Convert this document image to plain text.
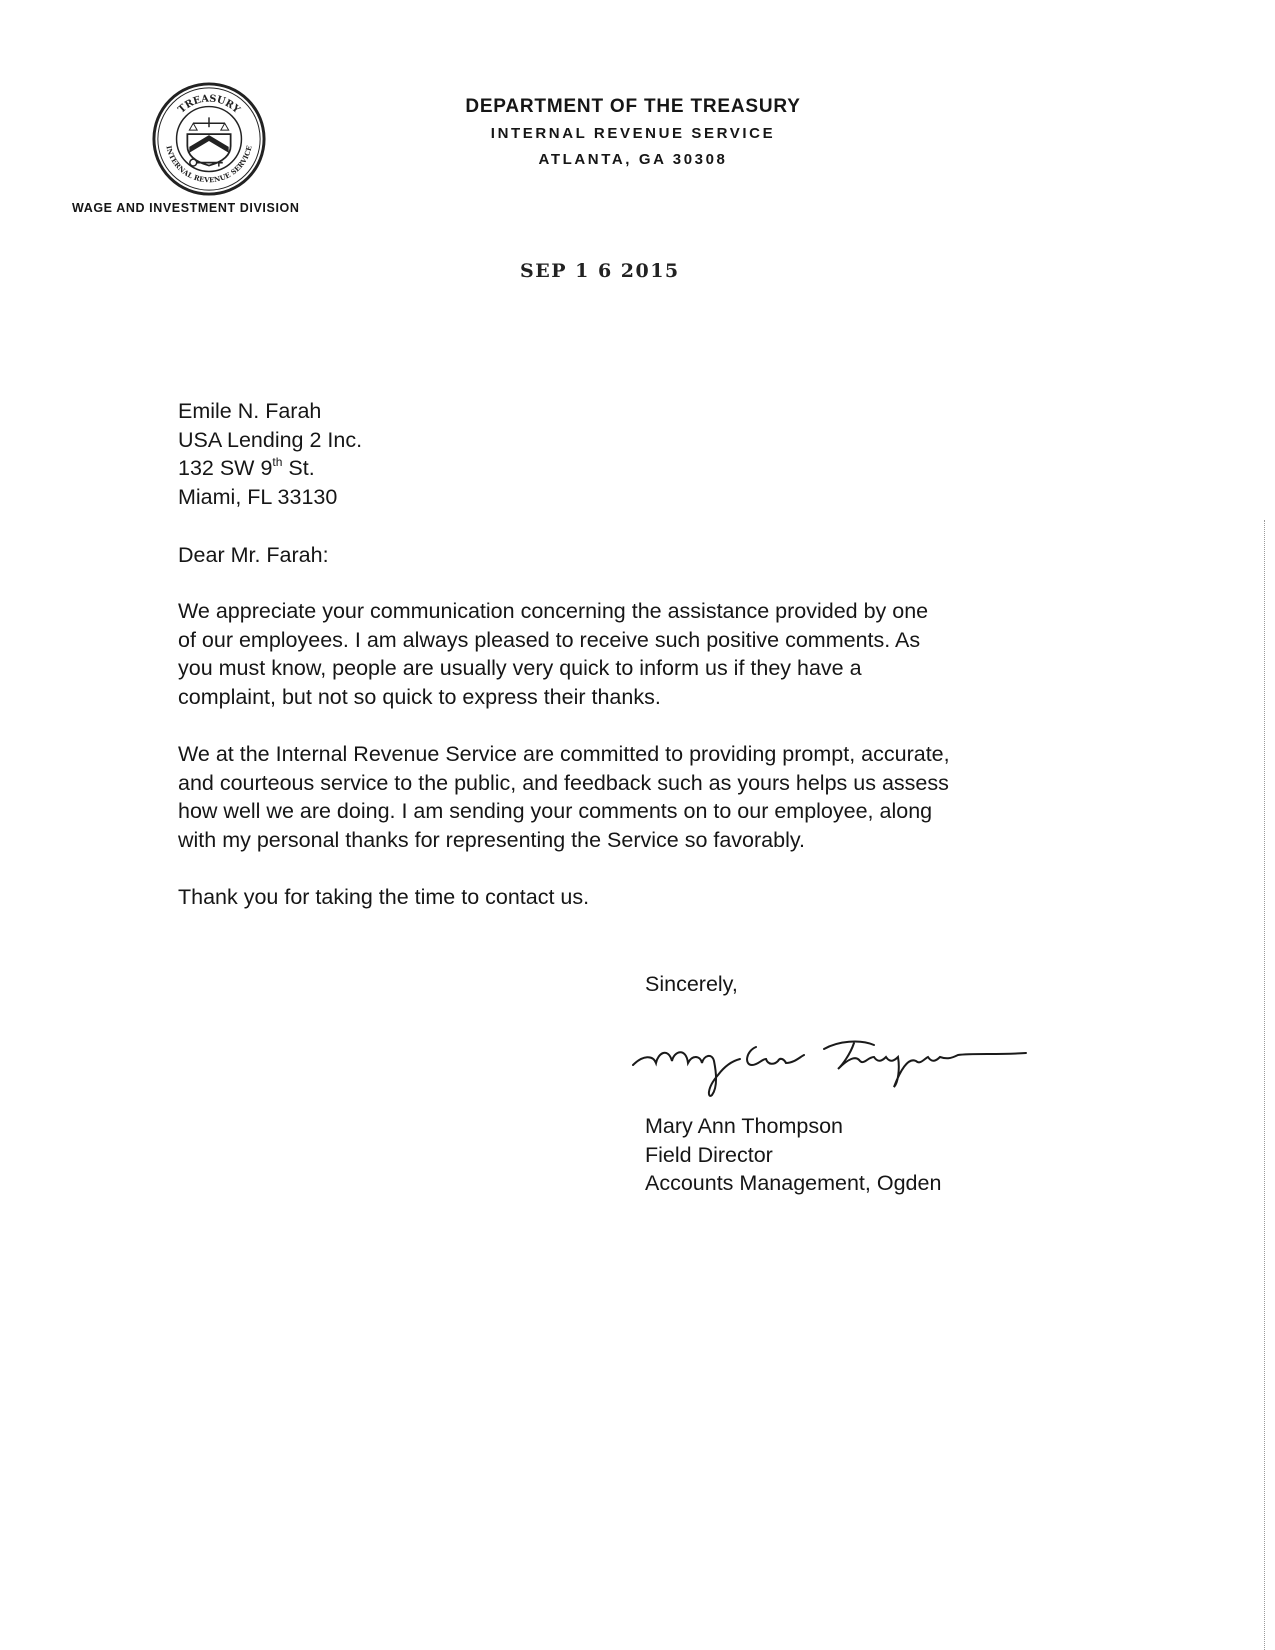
TREASURY
INTERNAL REVENUE SERVICE
WAGE AND INVESTMENT DIVISION
DEPARTMENT OF THE TREASURY
INTERNAL REVENUE SERVICE
ATLANTA, GA 30308
SEP 1 6 2015
Emile N. Farah
USA Lending 2 Inc.
132 SW 9th St.
Miami, FL 33130
Dear Mr. Farah:
We appreciate your communication concerning the assistance provided by one
of our employees. I am always pleased to receive such positive comments. As
you must know, people are usually very quick to inform us if they have a
complaint, but not so quick to express their thanks.
We at the Internal Revenue Service are committed to providing prompt, accurate,
and courteous service to the public, and feedback such as yours helps us assess
how well we are doing. I am sending your comments on to our employee, along
with my personal thanks for representing the Service so favorably.
Thank you for taking the time to contact us.
Sincerely,
Mary Ann Thompson
Field Director
Accounts Management, Ogden
